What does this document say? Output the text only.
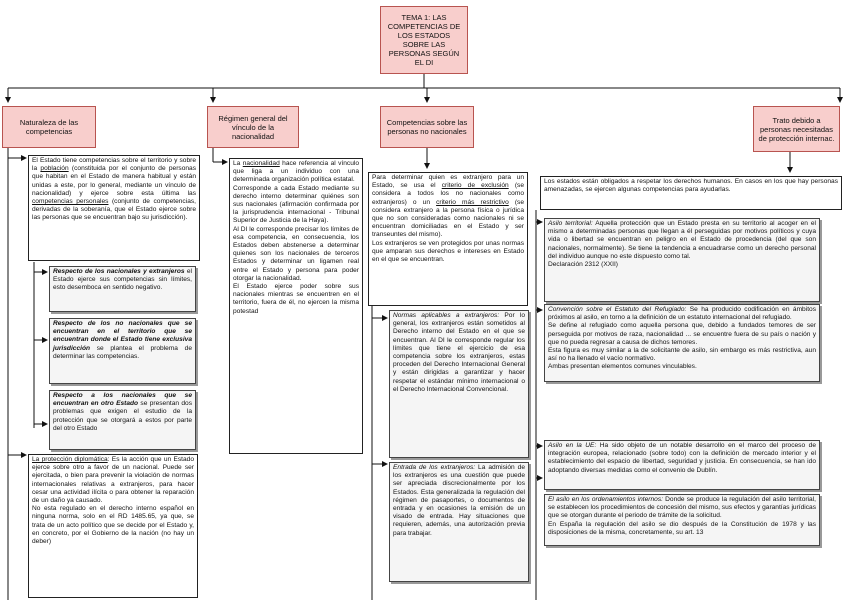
TEMA 1: LAS COMPETENCIAS DE LOS ESTADOS SOBRE LAS PERSONAS SEGÚN EL DI
Naturaleza de las competencias
Régimen general del vínculo de la nacionalidad
Competencias sobre las personas no nacionales
Trato debido a personas necesitadas de protección internac.

El Estado tiene competencias sobre el territorio y sobre la población (constituida por el conjunto de personas que habitan en el Estado de manera habitual y están unidas a este, por lo general, mediante un vínculo de nacionalidad) y ejerce sobre esta última las competencias personales (conjunto de competencias, derivadas de la soberanía, que el Estado ejerce sobre las personas que se encuentran bajo su jurisdicción).

Respecto de los nacionales y extranjeros el Estado ejerce sus competencias sin límites, esto desemboca en sentido negativo.

Respecto de los no nacionales que se encuentran en el territorio que se encuentran donde el Estado tiene exclusiva jurisdicción se plantea el problema de determinar las competencias.

Respecto a los nacionales que se encuentran en otro Estado se presentan dos problemas que exigen el estudio de la protección que se otorgará a estos por parte del otro Estado

La protección diplomática: Es la acción que un Estado ejerce sobre otro a favor de un nacional. Puede ser ejercitada, o bien para prevenir la violación de normas internacionales relativas a extranjeros, para hacer cesar una actividad ilícita o para obtener la reparación de un daño ya causado.

No esta regulado en el derecho interno español en ninguna norma, solo en el RD 1485.65, ya que, se trata de un acto político que se decide por el Estado y, en concreto, por el Gobierno de la nación (no hay un deber)

La nacionalidad hace referencia al vínculo que liga a un individuo con una determinada organización política estatal.

Corresponde a cada Estado mediante su derecho interno determinar quiénes son sus nacionales (afirmación confirmada por la jurisprudencia internacional - Tribunal Superior de Justicia de la Haya).

Al DI le corresponde precisar los límites de esa competencia, en consecuencia, los Estados deben abstenerse a determinar quienes son los nacionales de terceros Estados y determinar un ligamen real entre el Estado y persona para poder otorgar la nacionalidad.

El Estado ejerce poder sobre sus nacionales mientras se encuentren en el territorio, fuera de él, no ejercen la misma potestad

Para determinar quien es extranjero para un Estado, se usa el criterio de exclusión (se considera a todos los no nacionales como extranjeros) o un criterio más restrictivo (se considera extranjero a la persona física o jurídica que no son consideradas como nacionales ni se encuentran domiciliadas en el Estado y ser transeuntes del mismo).

Los extranjeros se ven protegidos por unas normas que amparan sus derechos e intereses en Estado en el que se encuentran.

Normas aplicables a extranjeros: Por lo general, los extranjeros están sometidos al Derecho interno del Estado en el que se encuentran. Al DI le corresponde regular los límites que tiene el ejercicio de esa competencia sobre los extranjeros, estas proceden del Derecho Internacional General y están dirigidas a garantizar y hacer respetar el estándar mínimo internacional o el Derecho Internacional Convencional.

Entrada de los extranjeros: La admisión de los extranjeros es una cuestión que puede ser apreciada discrecionalmente por los Estados. Esta generalizada la regulación del régimen de pasaportes, o documentos de entrada y en ocasiones la emisión de un visado de entrada. Hay situaciones que requieren, además, una autorización previa para trabajar.

Los estados están obligados a respetar los derechos humanos. En casos en los que hay personas amenazadas, se ejercen algunas competencias para ayudarlas.

Asilo territorial: Aquella protección que un Estado presta en su territorio al acoger en el mismo a determinadas personas que llegan a él perseguidas por motivos políticos y cuya vida o libertad se encuentran en peligro en el Estado de procedencia (del que son nacionales, normalmente). Se tiene la tendencia a encuadrarse como un derecho personal del individuo aunque no este dispuesto como tal.

Declaración 2312 (XXII)

Convención sobre el Estatuto del Refugiado: Se ha producido codificación en ámbitos próximos al asilo, en torno a la definición de un estatuto internacional del refugiado.

Se define al refugiado como aquella persona que, debido a fundados temores de ser perseguida por motivos de raza, nacionalidad ... se encuentre fuera de su país o nación y que no pueda regresar a causa de dichos temores.

Esta figura es muy similar a la de solicitante de asilo, sin embargo es más restrictiva, aun así no ha llenado el vacío normativo.

Ambas presentan elementos comunes vinculables.

Asilo en la UE: Ha sido objeto de un notable desarrollo en el marco del proceso de integración europea, relacionado (sobre todo) con la definición de mercado interior y el establecimiento del espacio de libertad, seguridad y justicia. En consecuencia, se han ido adoptando diversas medidas como el convenio de Dublín.

El asilo en los ordenamientos internos: Donde se produce la regulación del asilo territorial, se establecen los procedimientos de concesión del mismo, sus efectos y garantías jurídicas que se otorgan durante el periodo de trámite de la solicitud.

En España la regulación del asilo se dio después de la Constitución de 1978 y las disposiciones de la misma, concretamente, su art. 13
